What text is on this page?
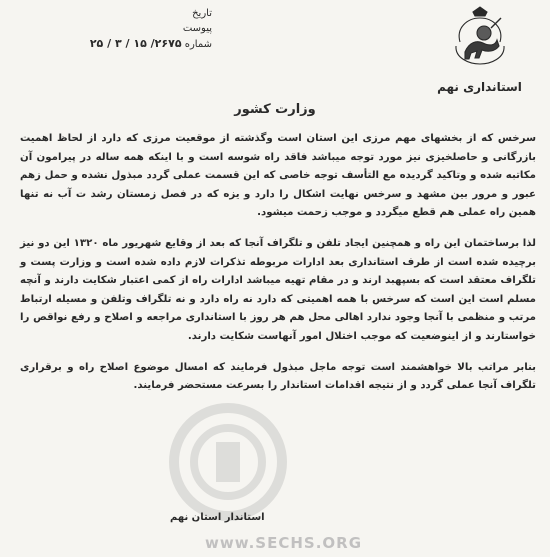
استانداری نهم
تاریخ
پیوست
شماره ۲۶۷۵/ ۱۵ / ۳ / ۲۵
وزارت کشور

سرخس که از بخشهای مهم مرزی این استان است وگذشته از موقعیت مرزی که دارد از لحاظ اهمیت بازرگانی و حاصلخیزی نیز مورد توجه میباشد فاقد راه شوسه است و با اینکه همه ساله در پیرامون آن مکاتبه شده و وتاکید گردیده مع التأسف توجه خاصی که این قسمت عملی گردد مبذول نشده و حمل زهم عبور و مرور بین مشهد و سرخس نهایت اشکال را دارد و یزه که در فصل زمستان رشد ت آب نه تنها همین راه عملی هم قطع میگردد و موجب زحمت میشود.

لذا برساختمان این راه و همچنین ایجاد تلفن و تلگراف آنجا که بعد از وقایع شهریور ماه ۱۳۲۰ این دو نیز برچیده شده است از طرف استانداری بعد ادارات مربوطه تذکرات لازم داده شده است و وزارت پست و تلگراف معتقد است که بسپهبد ارند و در مقام تهیه میباشد ادارات راه از کمی اعتبار شکایت دارند و آنچه مسلم است این است که سرخس با همه اهمیتی که دارد نه راه دارد و نه تلگراف وتلفن و مسیله ارتباط مرتب و منظمی با آنجا وجود ندارد اهالی محل هم هر روز با استانداری مراجعه و اصلاح و رفع نواقص را خواستارند و از اینوضعیت که موجب اختلال امور آنهاست شکایت دارند.

بنابر مراتب بالا خواهشمند است توجه ماجل مبذول فرمایند که امسال موضوع اصلاح راه و برقراری تلگراف آنجا عملی گردد و از نتیجه اقدامات استاندار را بسرعت مستحضر فرمایند.

استاندار استان نهم
www.SECHS.ORG
